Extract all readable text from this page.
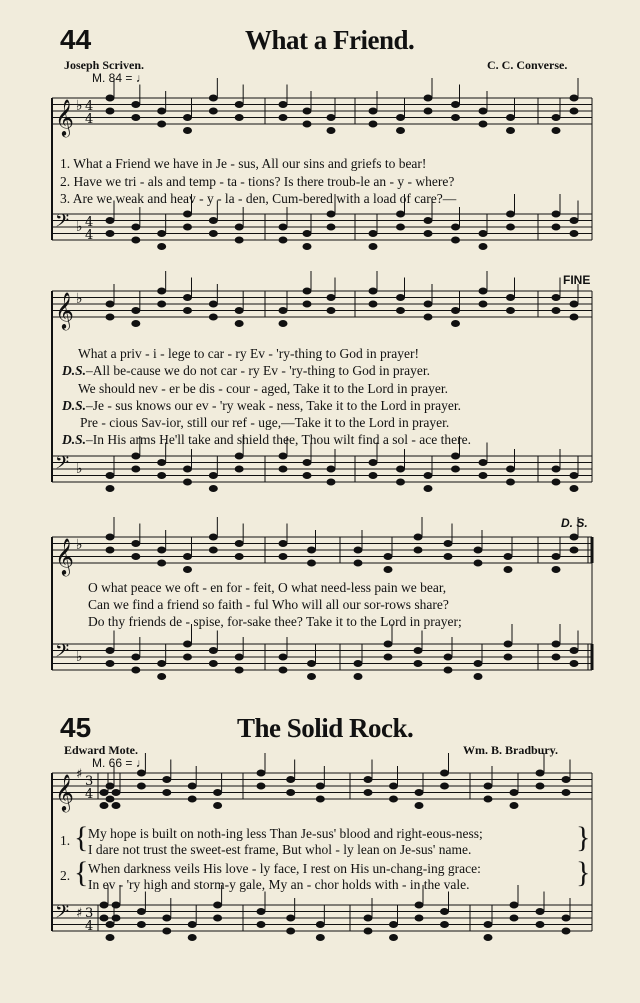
44	What a Friend.
Joseph Scriven.	C. C. Converse.
M. 84 = ♩
𝄞 ♭ 4
4
𝄢 ♭ 4
4
𝄞 ♭
𝄢 ♭
𝄞 ♭
𝄢 ♭
𝄞 ♯ 3
4
𝄢 ♯ 3
4
1. What a Friend we have in Je - sus, All our sins and griefs to bear!
2. Have we tri - als and temp - ta - tions? Is there troub-le an - y - where?
3. Are we weak and heav - y - la - den, Cum-bered with a load of care?—
FINE
What a priv - i - lege to car - ry Ev - 'ry-thing to God in prayer!
D.S.–All be-cause we do not car - ry Ev - 'ry-thing to God in prayer.
We should nev - er be dis - cour - aged, Take it to the Lord in prayer.
D.S.–Je - sus knows our ev - 'ry weak - ness, Take it to the Lord in prayer.
Pre - cious Sav-ior, still our ref - uge,—Take it to the Lord in prayer.
D.S.–In His arms He'll take and shield thee, Thou wilt find a sol - ace there.
D. S.
O what peace we oft - en for - feit, O what need-less pain we bear,
Can we find a friend so faith - ful Who will all our sor-rows share?
Do thy friends de - spise, for-sake thee? Take it to the Lord in prayer;
45	The Solid Rock.
Edward Mote.	Wm. B. Bradbury.
M. 66 = ♩
1. { My hope is built on noth-ing less Than Je-sus' blood and right-eous-ness;
I dare not trust the sweet-est frame, But whol - ly lean on Je-sus' name.	}
2. { When darkness veils His love - ly face, I rest on His un-chang-ing grace:
In ev - 'ry high and storm-y gale, My an - chor holds with - in the vale.	}
